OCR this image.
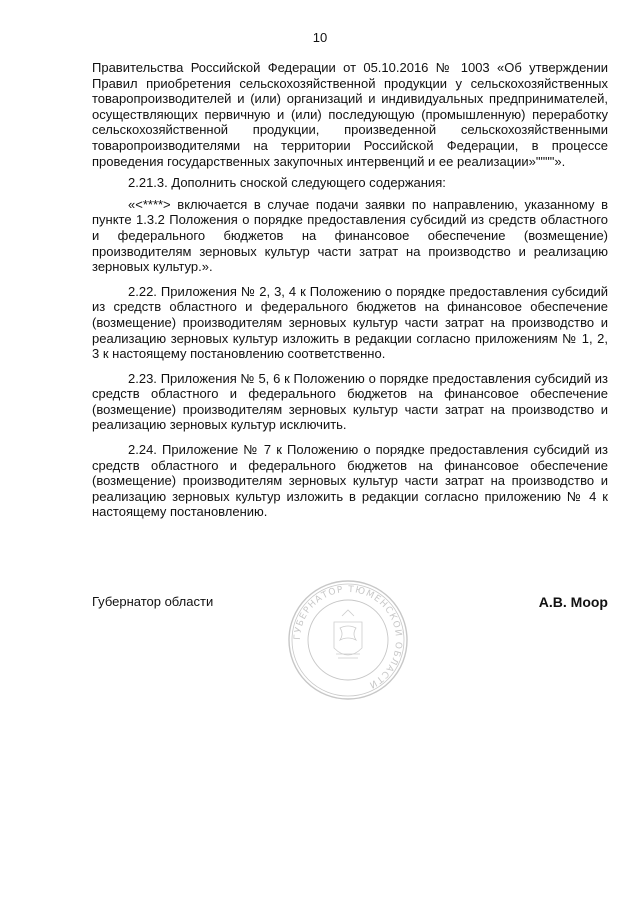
10

Правительства Российской Федерации от 05.10.2016 № 1003 «Об утверждении Правил приобретения сельскохозяйственной продукции у сельскохозяйственных товаропроизводителей и (или) организаций и индивидуальных предпринимателей, осуществляющих первичную и (или) последующую (промышленную) переработку сельскохозяйственной продукции, произведенной сельскохозяйственными товаропроизводителями на территории Российской Федерации, в процессе проведения государственных закупочных интервенций и ее реализации»""""».

2.21.3. Дополнить сноской следующего содержания:

«<****> включается в случае подачи заявки по направлению, указанному в пункте 1.3.2 Положения о порядке предоставления субсидий из средств областного и федерального бюджетов на финансовое обеспечение (возмещение) производителям зерновых культур части затрат на производство и реализацию зерновых культур.».

2.22. Приложения № 2, 3, 4 к Положению о порядке предоставления субсидий из средств областного и федерального бюджетов на финансовое обеспечение (возмещение) производителям зерновых культур части затрат на производство и реализацию зерновых культур изложить в редакции согласно приложениям № 1, 2, 3 к настоящему постановлению соответственно.

2.23. Приложения № 5, 6 к Положению о порядке предоставления субсидий из средств областного и федерального бюджетов на финансовое обеспечение (возмещение) производителям зерновых культур части затрат на производство и реализацию зерновых культур исключить.

2.24. Приложение № 7 к Положению о порядке предоставления субсидий из средств областного и федерального бюджетов на финансовое обеспечение (возмещение) производителям зерновых культур части затрат на производство и реализацию зерновых культур изложить в редакции согласно приложению № 4 к настоящему постановлению.

Губернатор области	А.В. Моор
ГУБЕРНАТОР ТЮМЕНСКОЙ ОБЛАСТИ
